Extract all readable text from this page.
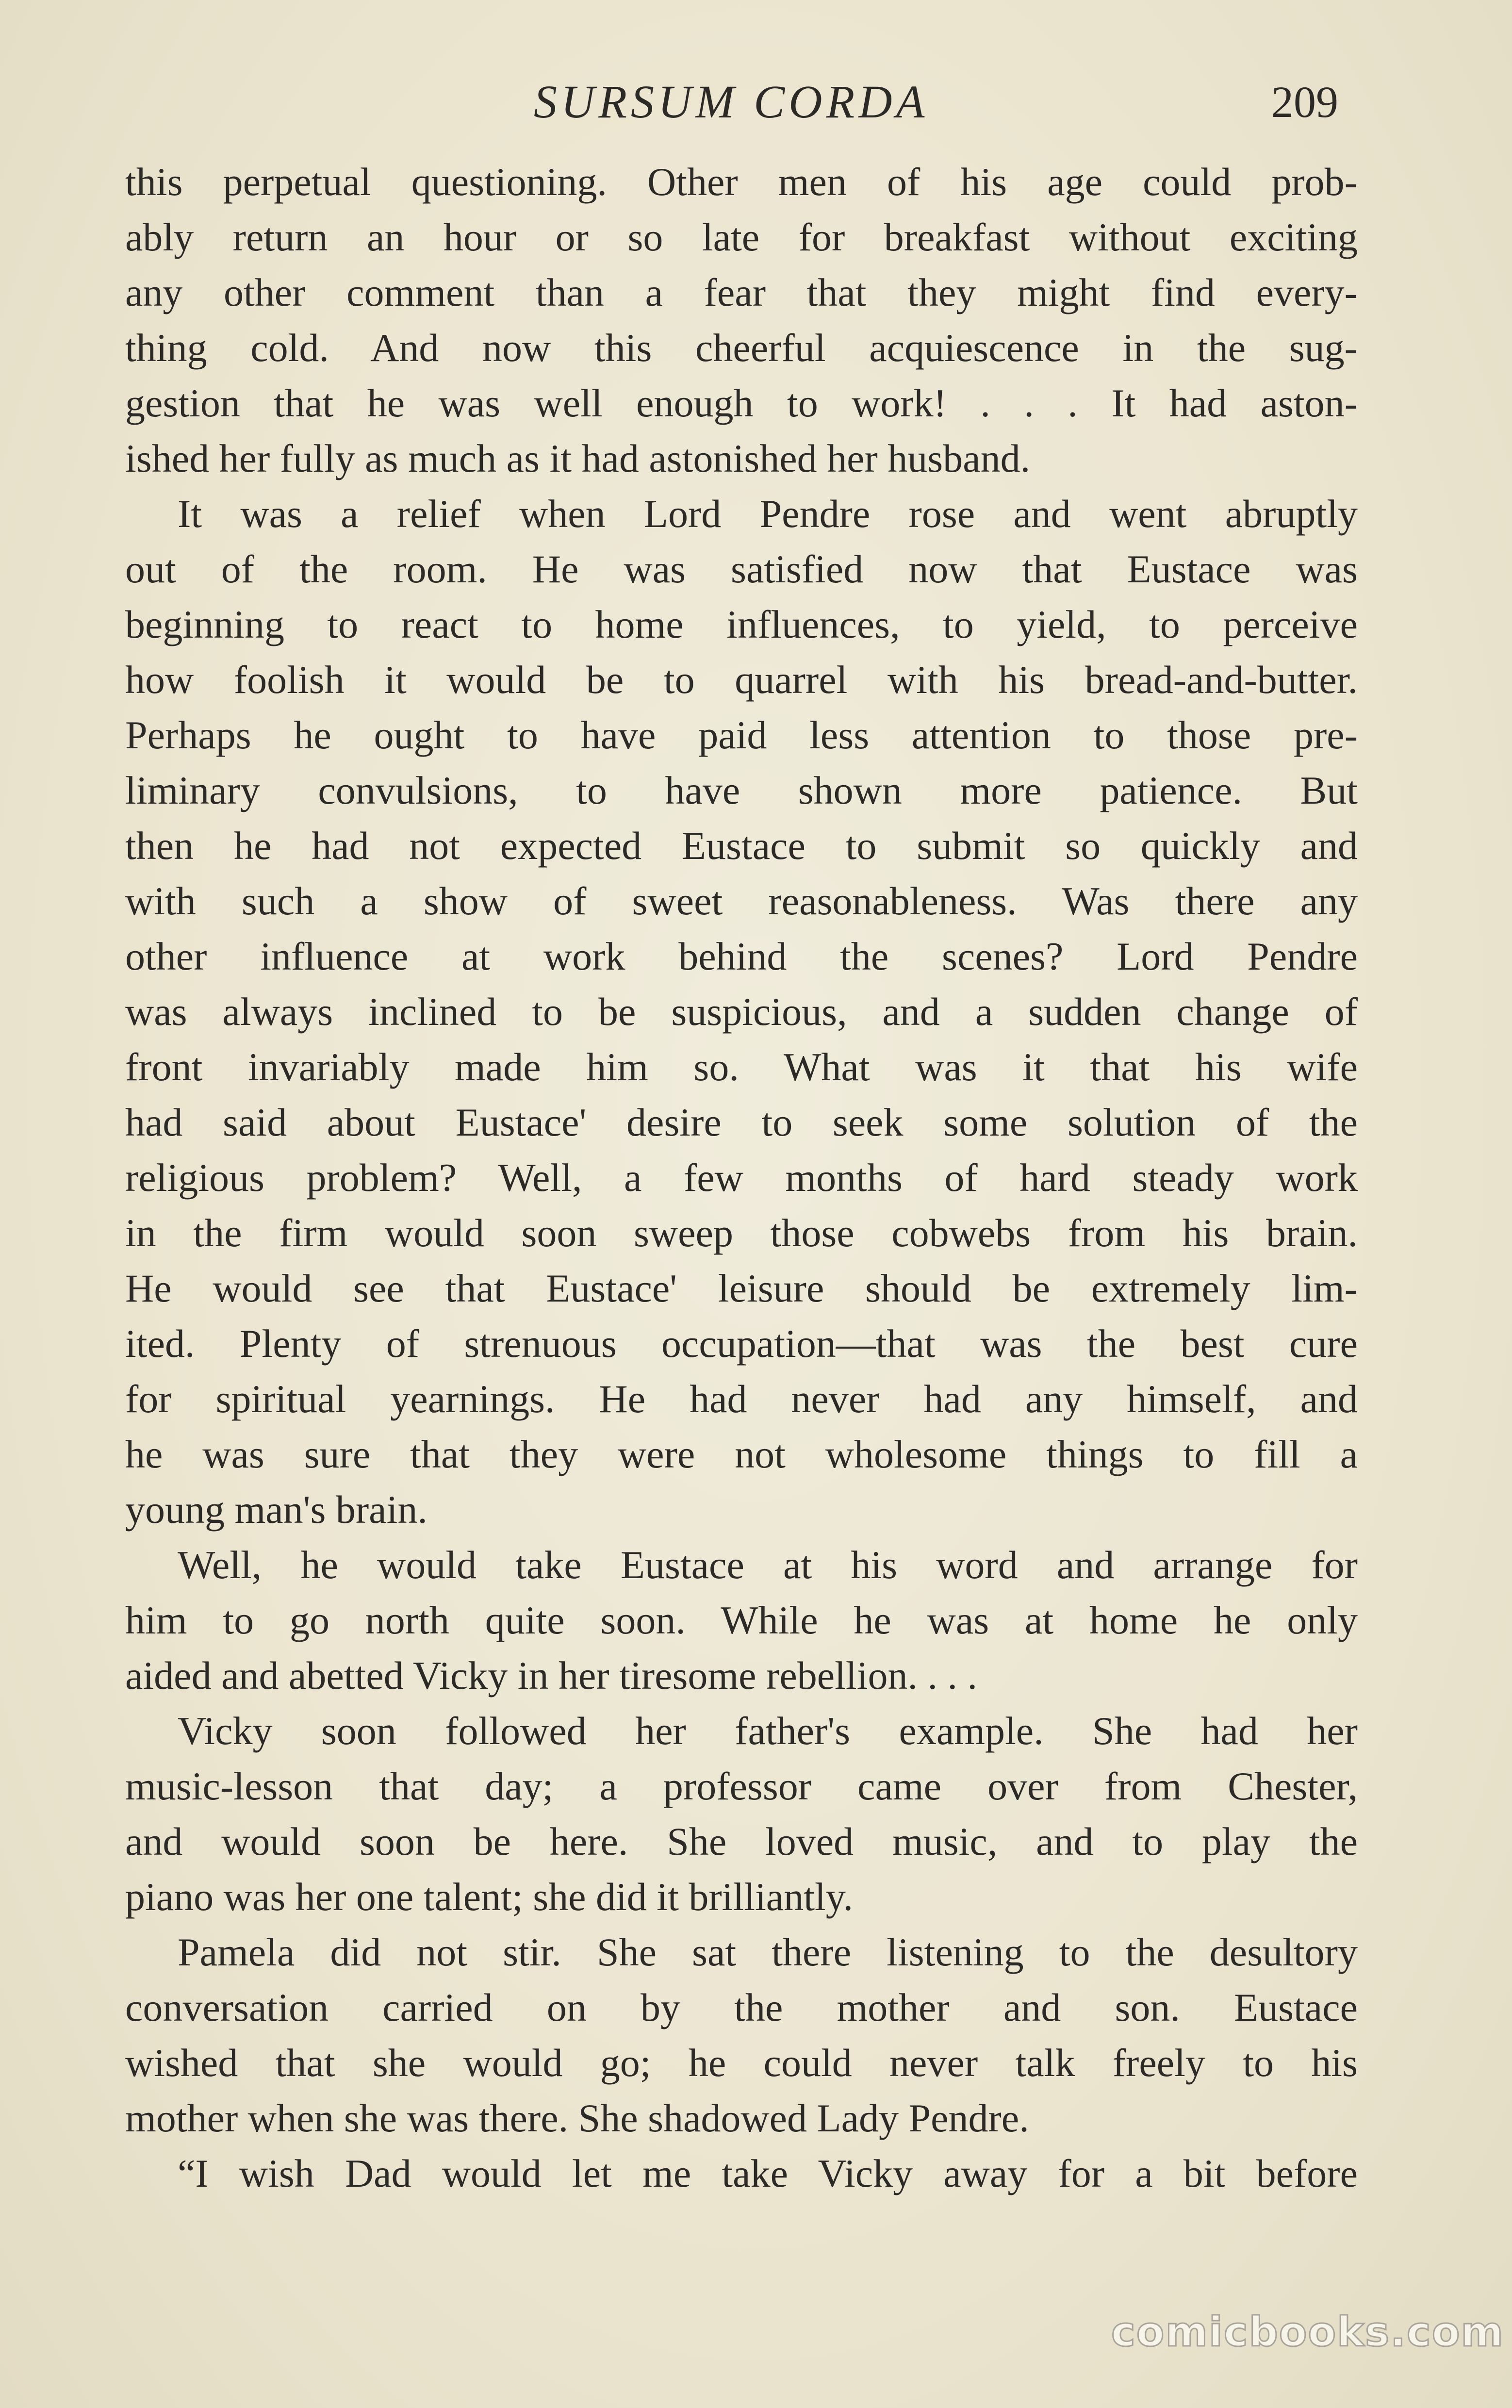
SURSUM CORDA	209
this perpetual questioning. Other men of his age could prob-
ably return an hour or so late for breakfast without exciting
any other comment than a fear that they might find every-
thing cold. And now this cheerful acquiescence in the sug-
gestion that he was well enough to work! . . . It had aston-
ished her fully as much as it had astonished her husband.
It was a relief when Lord Pendre rose and went abruptly
out of the room. He was satisfied now that Eustace was
beginning to react to home influences, to yield, to perceive
how foolish it would be to quarrel with his bread-and-butter.
Perhaps he ought to have paid less attention to those pre-
liminary convulsions, to have shown more patience. But
then he had not expected Eustace to submit so quickly and
with such a show of sweet reasonableness. Was there any
other influence at work behind the scenes? Lord Pendre
was always inclined to be suspicious, and a sudden change of
front invariably made him so. What was it that his wife
had said about Eustace' desire to seek some solution of the
religious problem? Well, a few months of hard steady work
in the firm would soon sweep those cobwebs from his brain.
He would see that Eustace' leisure should be extremely lim-
ited. Plenty of strenuous occupation—that was the best cure
for spiritual yearnings. He had never had any himself, and
he was sure that they were not wholesome things to fill a
young man's brain.
Well, he would take Eustace at his word and arrange for
him to go north quite soon. While he was at home he only
aided and abetted Vicky in her tiresome rebellion. . . .
Vicky soon followed her father's example. She had her
music-lesson that day; a professor came over from Chester,
and would soon be here. She loved music, and to play the
piano was her one talent; she did it brilliantly.
Pamela did not stir. She sat there listening to the desultory
conversation carried on by the mother and son. Eustace
wished that she would go; he could never talk freely to his
mother when she was there. She shadowed Lady Pendre.
“I wish Dad would let me take Vicky away for a bit before
comicbooks.com
